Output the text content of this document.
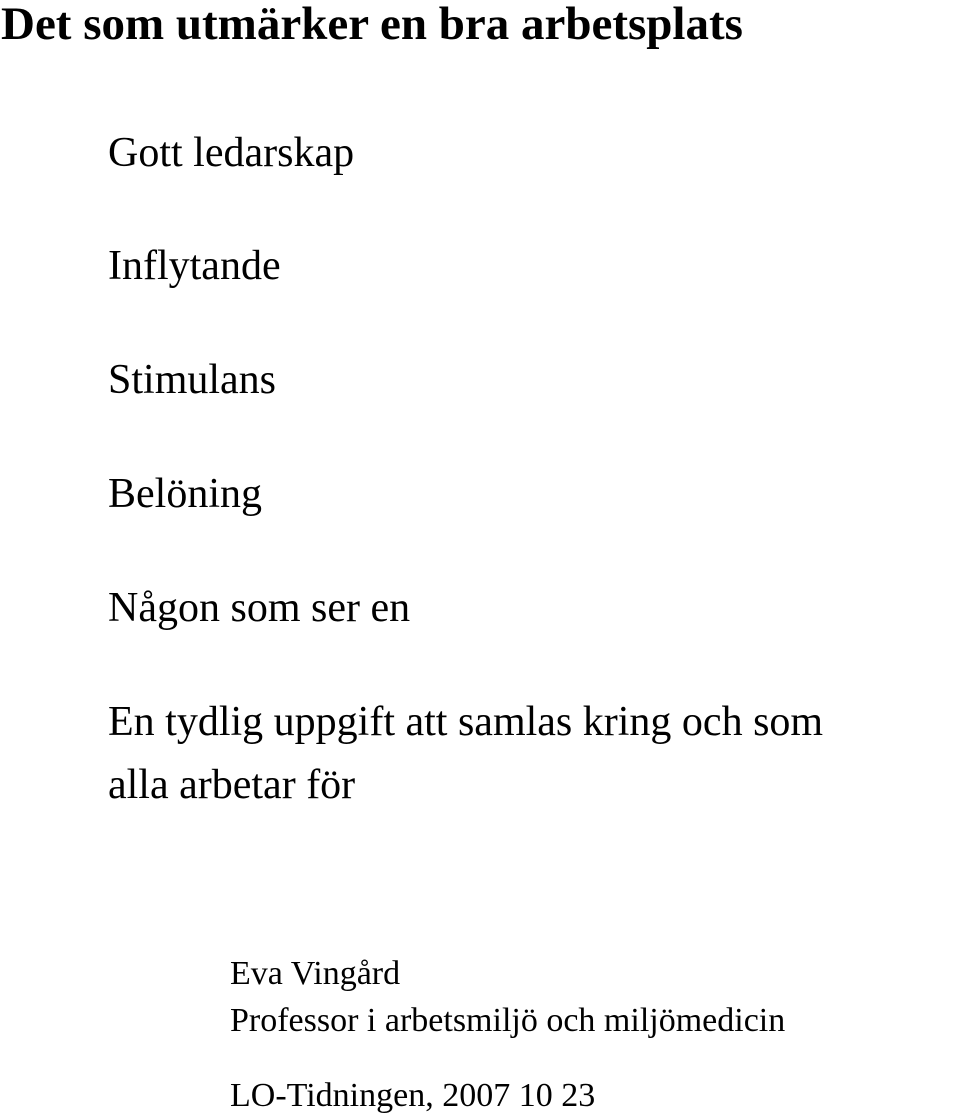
Det som utmärker en bra arbetsplats

Gott ledarskap

Inflytande

Stimulans

Belöning

Någon som ser en

En tydlig uppgift att samlas kring och som

alla arbetar för

Eva Vingård

Professor i arbetsmiljö och miljömedicin

LO-Tidningen, 2007 10 23
